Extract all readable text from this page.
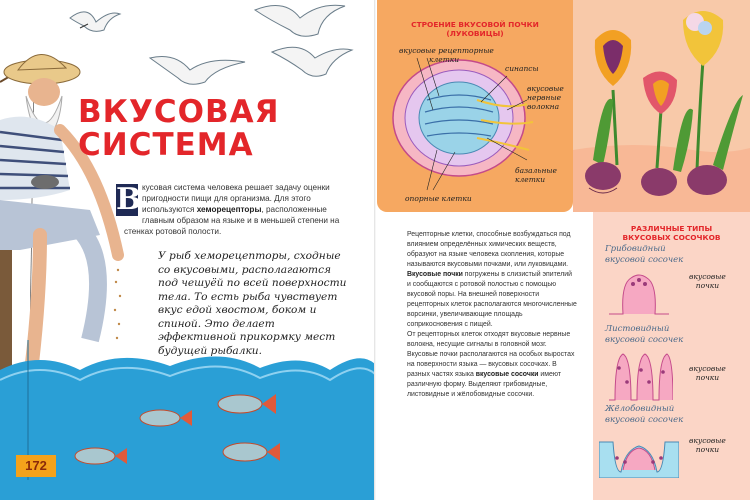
ВКУСОВАЯ
СИСТЕМА
В кусовая система человека решает задачу оценки пригодности пищи для организма. Для этого используются хеморецепторы, расположенные главным образом на языке и в меньшей степени на стенках ротовой полости.
У рыб хеморецепторы, сходные со вкусовыми, располагаются под чешуёй по всей поверхности тела. То есть рыба чувствует вкус едой хвостом, боком и спиной. Это делает эффективной прикормку мест будущей рыбалки.
172
СТРОЕНИЕ ВКУСОВОЙ ПОЧКИ
(ЛУКОВИЦЫ)
вкусовые рецепторные
клетки
синапсы
вкусовые
нервные
волокна
базальные
клетки
опорные клетки

Рецепторные клетки, способные возбуждаться под влиянием определённых химических веществ, образуют на языке человека скопления, которые называются вкусовыми почками, или луковицами.

Вкусовые почки погружены в слизистый эпителий и сообщаются с ротовой полостью с помощью вкусовой поры. На внешней поверхности рецепторных клеток располагаются многочисленные ворсинки, увеличивающие площадь соприкосновения с пищей.

От рецепторных клеток отходят вкусовые нервные волокна, несущие сигналы в головной мозг. Вкусовые почки располагаются на особых выростах на поверхности языка — вкусовых сосочках. В разных частях языка вкусовые сосочки имеют различную форму. Выделяют грибовидные, листовидные и жёлобовидные сосочки.

РАЗЛИЧНЫЕ ТИПЫ
ВКУСОВЫХ СОСОЧКОВ
Грибовидный
вкусовой сосочек
вкусовые
почки
Листовидный
вкусовой сосочек
вкусовые
почки
Жёлобовидный
вкусовой сосочек
вкусовые
почки
